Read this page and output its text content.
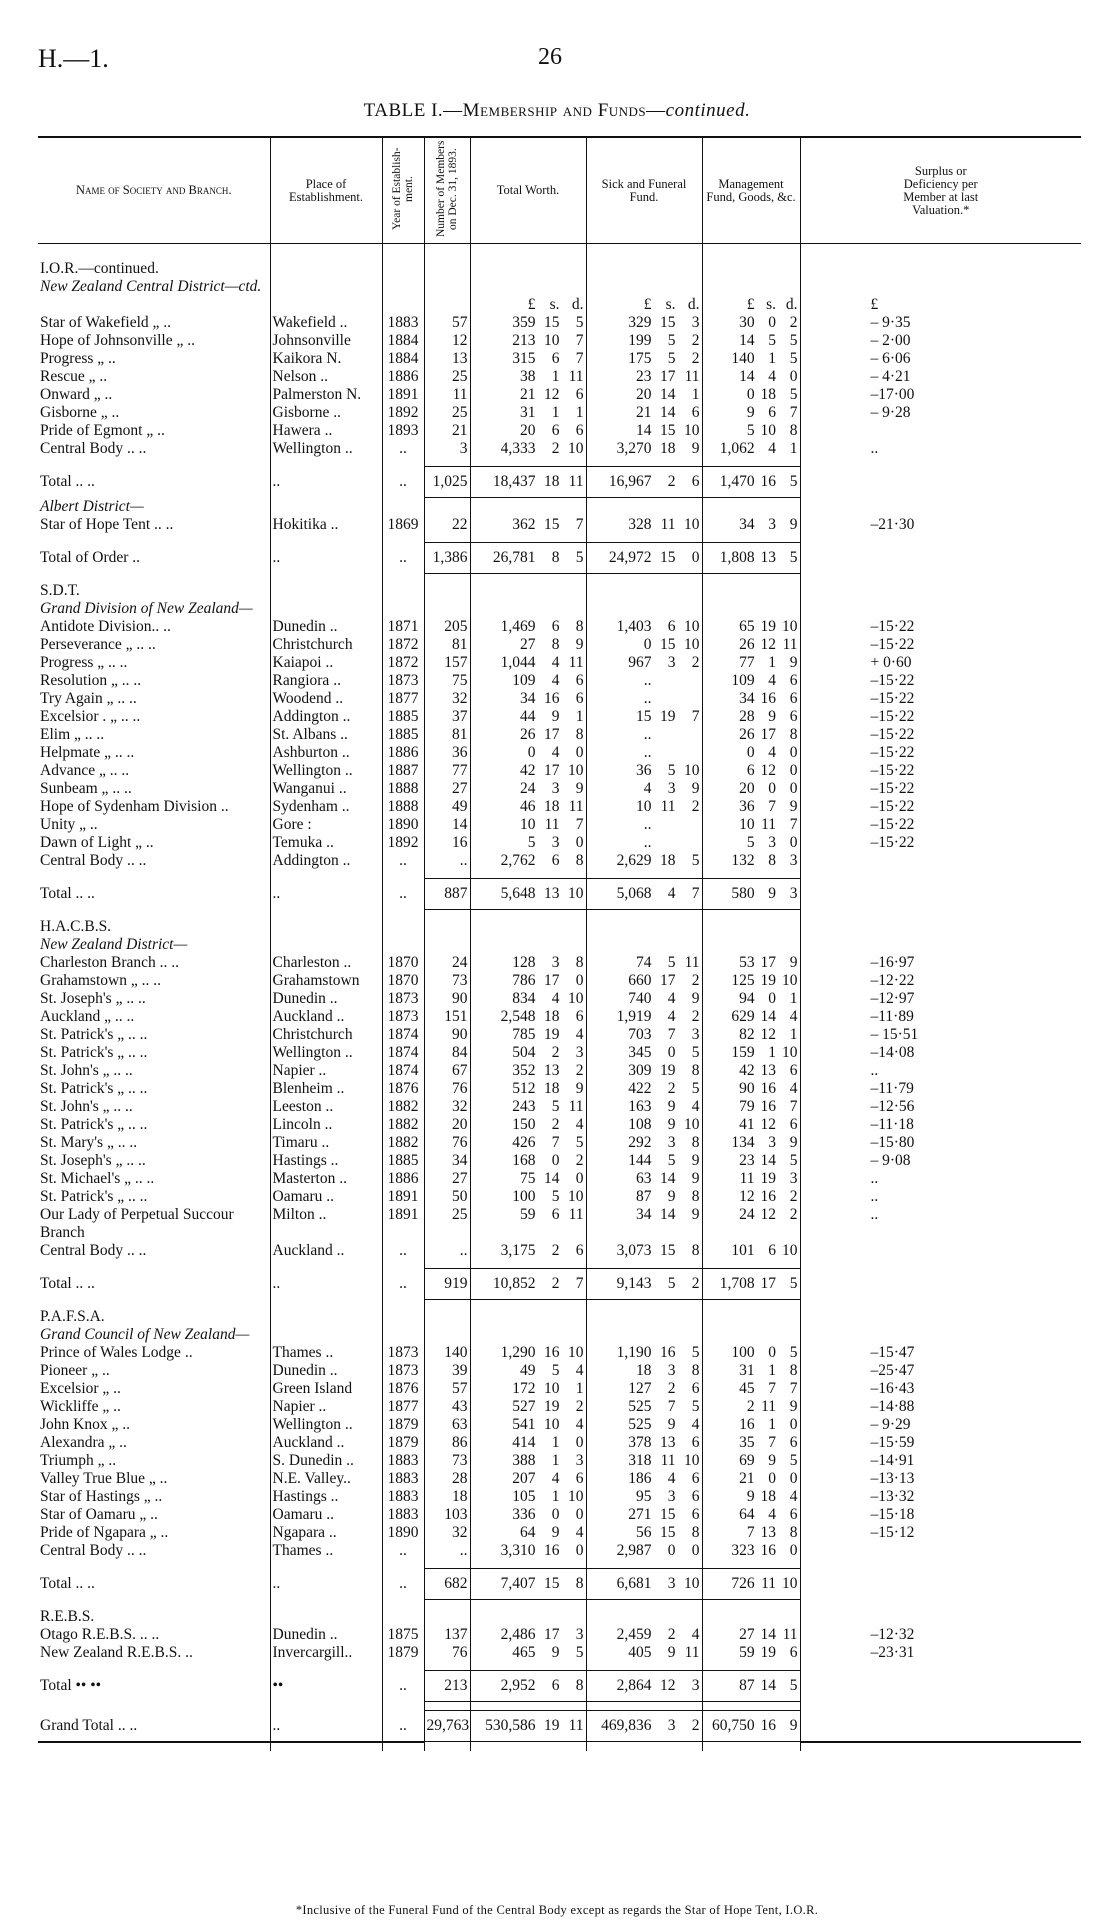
H.—1.	26
TABLE I.—Membership and Funds—continued.
Name of Society and Branch.	Place of Establishment.	Year of Establish-ment.	Number of Members on Dec. 31, 1893.	Total Worth.	Sick and Funeral Fund.	Management Fund, Goods, &c.	Surplus or Deficiency per Member at last Valuation.*

I.O.R.—continued.							
New Zealand Central District—ctd.							

				£ s. d.	£ s. d.	£ s. d.	£
Star of Wakefield „ ..	Wakefield ..	1883	57	359 15 5	329 15 3	30 0 2	– 9·35
Hope of Johnsonville „ ..	Johnsonville	1884	12	213 10 7	199 5 2	14 5 5	– 2·00
Progress „ ..	Kaikora N.	1884	13	315 6 7	175 5 2	140 1 5	– 6·06
Rescue „ ..	Nelson ..	1886	25	38 1 11	23 17 11	14 4 0	– 4·21
Onward „ ..	Palmerston N.	1891	11	21 12 6	20 14 1	0 18 5	–17·00
Gisborne „ ..	Gisborne ..	1892	25	31 1 1	21 14 6	9 6 7	– 9·28
Pride of Egmont „ ..	Hawera ..	1893	21	20 6 6	14 15 10	5 10 8	

Central Body .. ..	Wellington ..	..	3	4,333 2 10	3,270 18 9	1,062 4 1	..

Total .. ..	..	..	1,025	18,437 18 11	16,967 2 6	1,470 16 5	

Albert District—							
Star of Hope Tent .. ..	Hokitika ..	1869	22	362 15 7	328 11 10	34 3 9	–21·30

Total of Order ..	..	..	1,386	26,781 8 5	24,972 15 0	1,808 13 5	

S.D.T.							
Grand Division of New Zealand—							
Antidote Division.. ..	Dunedin ..	1871	205	1,469 6 8	1,403 6 10	65 19 10	–15·22
Perseverance „ .. ..	Christchurch	1872	81	27 8 9	0 15 10	26 12 11	–15·22
Progress „ .. ..	Kaiapoi ..	1872	157	1,044 4 11	967 3 2	77 1 9	+ 0·60
Resolution „ .. ..	Rangiora ..	1873	75	109 4 6	..	109 4 6	–15·22
Try Again „ .. ..	Woodend ..	1877	32	34 16 6	..	34 16 6	–15·22
Excelsior . „ .. ..	Addington ..	1885	37	44 9 1	15 19 7	28 9 6	–15·22
Elim „ .. ..	St. Albans ..	1885	81	26 17 8	..	26 17 8	–15·22
Helpmate „ .. ..	Ashburton ..	1886	36	0 4 0	..	0 4 0	–15·22
Advance „ .. ..	Wellington ..	1887	77	42 17 10	36 5 10	6 12 0	–15·22
Sunbeam „ .. ..	Wanganui ..	1888	27	24 3 9	4 3 9	20 0 0	–15·22
Hope of Sydenham Division ..	Sydenham ..	1888	49	46 18 11	10 11 2	36 7 9	–15·22
Unity „ ..	Gore :	1890	14	10 11 7	..	10 11 7	–15·22
Dawn of Light „ ..	Temuka ..	1892	16	5 3 0	..	5 3 0	–15·22
Central Body .. ..	Addington ..	..	..	2,762 6 8	2,629 18 5	132 8 3	

Total .. ..	..	..	887	5,648 13 10	5,068 4 7	580 9 3	

H.A.C.B.S.							
New Zealand District—							
Charleston Branch .. ..	Charleston ..	1870	24	128 3 8	74 5 11	53 17 9	–16·97
Grahamstown „ .. ..	Grahamstown	1870	73	786 17 0	660 17 2	125 19 10	–12·22
St. Joseph's „ .. ..	Dunedin ..	1873	90	834 4 10	740 4 9	94 0 1	–12·97
Auckland „ .. ..	Auckland ..	1873	151	2,548 18 6	1,919 4 2	629 14 4	–11·89
St. Patrick's „ .. ..	Christchurch	1874	90	785 19 4	703 7 3	82 12 1	– 15·51
St. Patrick's „ .. ..	Wellington ..	1874	84	504 2 3	345 0 5	159 1 10	–14·08
St. John's „ .. ..	Napier ..	1874	67	352 13 2	309 19 8	42 13 6	..
St. Patrick's „ .. ..	Blenheim ..	1876	76	512 18 9	422 2 5	90 16 4	–11·79
St. John's „ .. ..	Leeston ..	1882	32	243 5 11	163 9 4	79 16 7	–12·56
St. Patrick's „ .. ..	Lincoln ..	1882	20	150 2 4	108 9 10	41 12 6	–11·18
St. Mary's „ .. ..	Timaru ..	1882	76	426 7 5	292 3 8	134 3 9	–15·80
St. Joseph's „ .. ..	Hastings ..	1885	34	168 0 2	144 5 9	23 14 5	– 9·08
St. Michael's „ .. ..	Masterton ..	1886	27	75 14 0	63 14 9	11 19 3	..
St. Patrick's „ .. ..	Oamaru ..	1891	50	100 5 10	87 9 8	12 16 2	..
Our Lady of Perpetual Succour	Milton ..	1891	25	59 6 11	34 14 9	24 12 2	..
Branch							
Central Body .. ..	Auckland ..	..	..	3,175 2 6	3,073 15 8	101 6 10	

Total .. ..	..	..	919	10,852 2 7	9,143 5 2	1,708 17 5	

P.A.F.S.A.							
Grand Council of New Zealand—							
Prince of Wales Lodge ..	Thames ..	1873	140	1,290 16 10	1,190 16 5	100 0 5	–15·47
Pioneer „ ..	Dunedin ..	1873	39	49 5 4	18 3 8	31 1 8	–25·47
Excelsior „ ..	Green Island	1876	57	172 10 1	127 2 6	45 7 7	–16·43
Wickliffe „ ..	Napier ..	1877	43	527 19 2	525 7 5	2 11 9	–14·88
John Knox „ ..	Wellington ..	1879	63	541 10 4	525 9 4	16 1 0	– 9·29
Alexandra „ ..	Auckland ..	1879	86	414 1 0	378 13 6	35 7 6	–15·59
Triumph „ ..	S. Dunedin ..	1883	73	388 1 3	318 11 10	69 9 5	–14·91
Valley True Blue „ ..	N.E. Valley..	1883	28	207 4 6	186 4 6	21 0 0	–13·13
Star of Hastings „ ..	Hastings ..	1883	18	105 1 10	95 3 6	9 18 4	–13·32
Star of Oamaru „ ..	Oamaru ..	1883	103	336 0 0	271 15 6	64 4 6	–15·18
Pride of Ngapara „ ..	Ngapara ..	1890	32	64 9 4	56 15 8	7 13 8	–15·12
Central Body .. ..	Thames ..	..	..	3,310 16 0	2,987 0 0	323 16 0	

Total .. ..	..	..	682	7,407 15 8	6,681 3 10	726 11 10	

R.E.B.S.							
Otago R.E.B.S. .. ..	Dunedin ..	1875	137	2,486 17 3	2,459 2 4	27 14 11	–12·32
New Zealand R.E.B.S. ..	Invercargill..	1879	76	465 9 5	405 9 11	59 19 6	–23·31

Total •• ••	••	..	213	2,952 6 8	2,864 12 3	87 14 5	

Grand Total .. ..	..	..	29,763	530,586 19 11	469,836 3 2	60,750 16 9	

*Inclusive of the Funeral Fund of the Central Body except as regards the Star of Hope Tent, I.O.R.
